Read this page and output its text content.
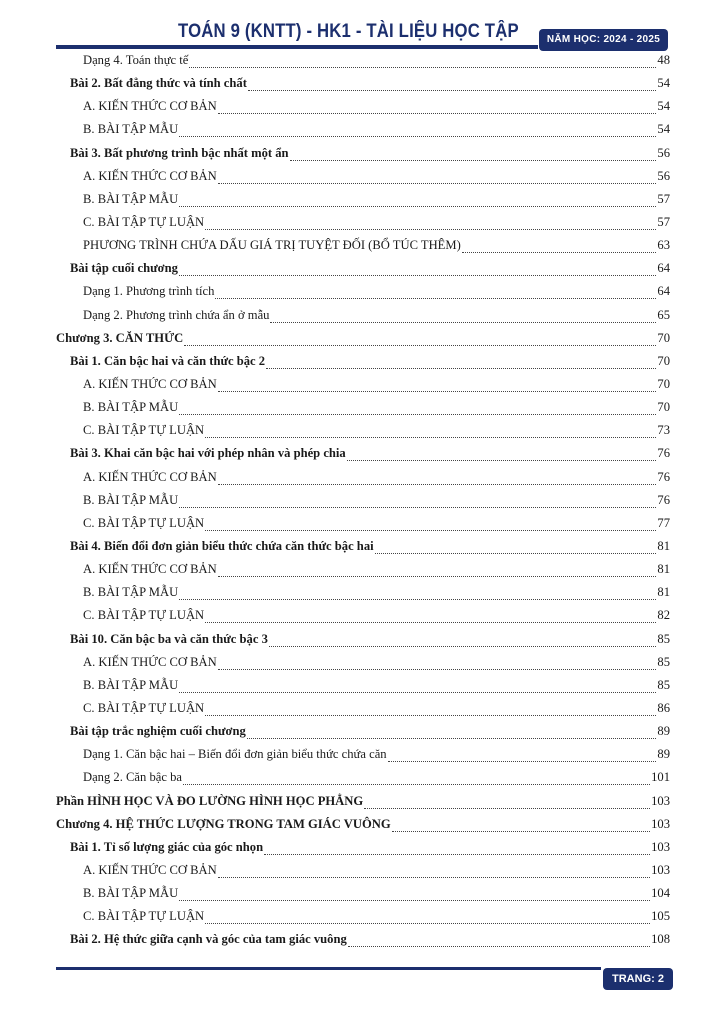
TOÁN 9 (KNTT) - HK1 - TÀI LIỆU HỌC TẬP	NĂM HỌC: 2024 - 2025
Dạng 4. Toán thực tế	48
Bài 2. Bất đẳng thức và tính chất	54
A. KIẾN THỨC CƠ BẢN	54
B. BÀI TẬP MẪU	54
Bài 3. Bất phương trình bậc nhất một ẩn	56
A. KIẾN THỨC CƠ BẢN	56
B. BÀI TẬP MẪU	57
C. BÀI TẬP TỰ LUẬN	57
PHƯƠNG TRÌNH CHỨA DẤU GIÁ TRỊ TUYỆT ĐỐI (BỔ TÚC THÊM)	63
Bài tập cuối chương	64
Dạng 1. Phương trình tích	64
Dạng 2. Phương trình chứa ẩn ở mẫu	65
Chương 3. CĂN THỨC	70
Bài 1. Căn bậc hai và căn thức bậc 2	70
A. KIẾN THỨC CƠ BẢN	70
B. BÀI TẬP MẪU	70
C. BÀI TẬP TỰ LUẬN	73
Bài 3. Khai căn bậc hai với phép nhân và phép chia	76
A. KIẾN THỨC CƠ BẢN	76
B. BÀI TẬP MẪU	76
C. BÀI TẬP TỰ LUẬN	77
Bài 4. Biến đổi đơn giản biểu thức chứa căn thức bậc hai	81
A. KIẾN THỨC CƠ BẢN	81
B. BÀI TẬP MẪU	81
C. BÀI TẬP TỰ LUẬN	82
Bài 10. Căn bậc ba và căn thức bậc 3	85
A. KIẾN THỨC CƠ BẢN	85
B. BÀI TẬP MẪU	85
C. BÀI TẬP TỰ LUẬN	86
Bài tập trắc nghiệm cuối chương	89
Dạng 1. Căn bậc hai – Biến đổi đơn giản biểu thức chứa căn	89
Dạng 2. Căn bậc ba	101
Phần HÌNH HỌC VÀ ĐO LƯỜNG HÌNH HỌC PHẲNG	103
Chương 4. HỆ THỨC LƯỢNG TRONG TAM GIÁC VUÔNG	103
Bài 1. Tỉ số lượng giác của góc nhọn	103
A. KIẾN THỨC CƠ BẢN	103
B. BÀI TẬP MẪU	104
C. BÀI TẬP TỰ LUẬN	105
Bài 2. Hệ thức giữa cạnh và góc của tam giác vuông	108
TRANG: 2
